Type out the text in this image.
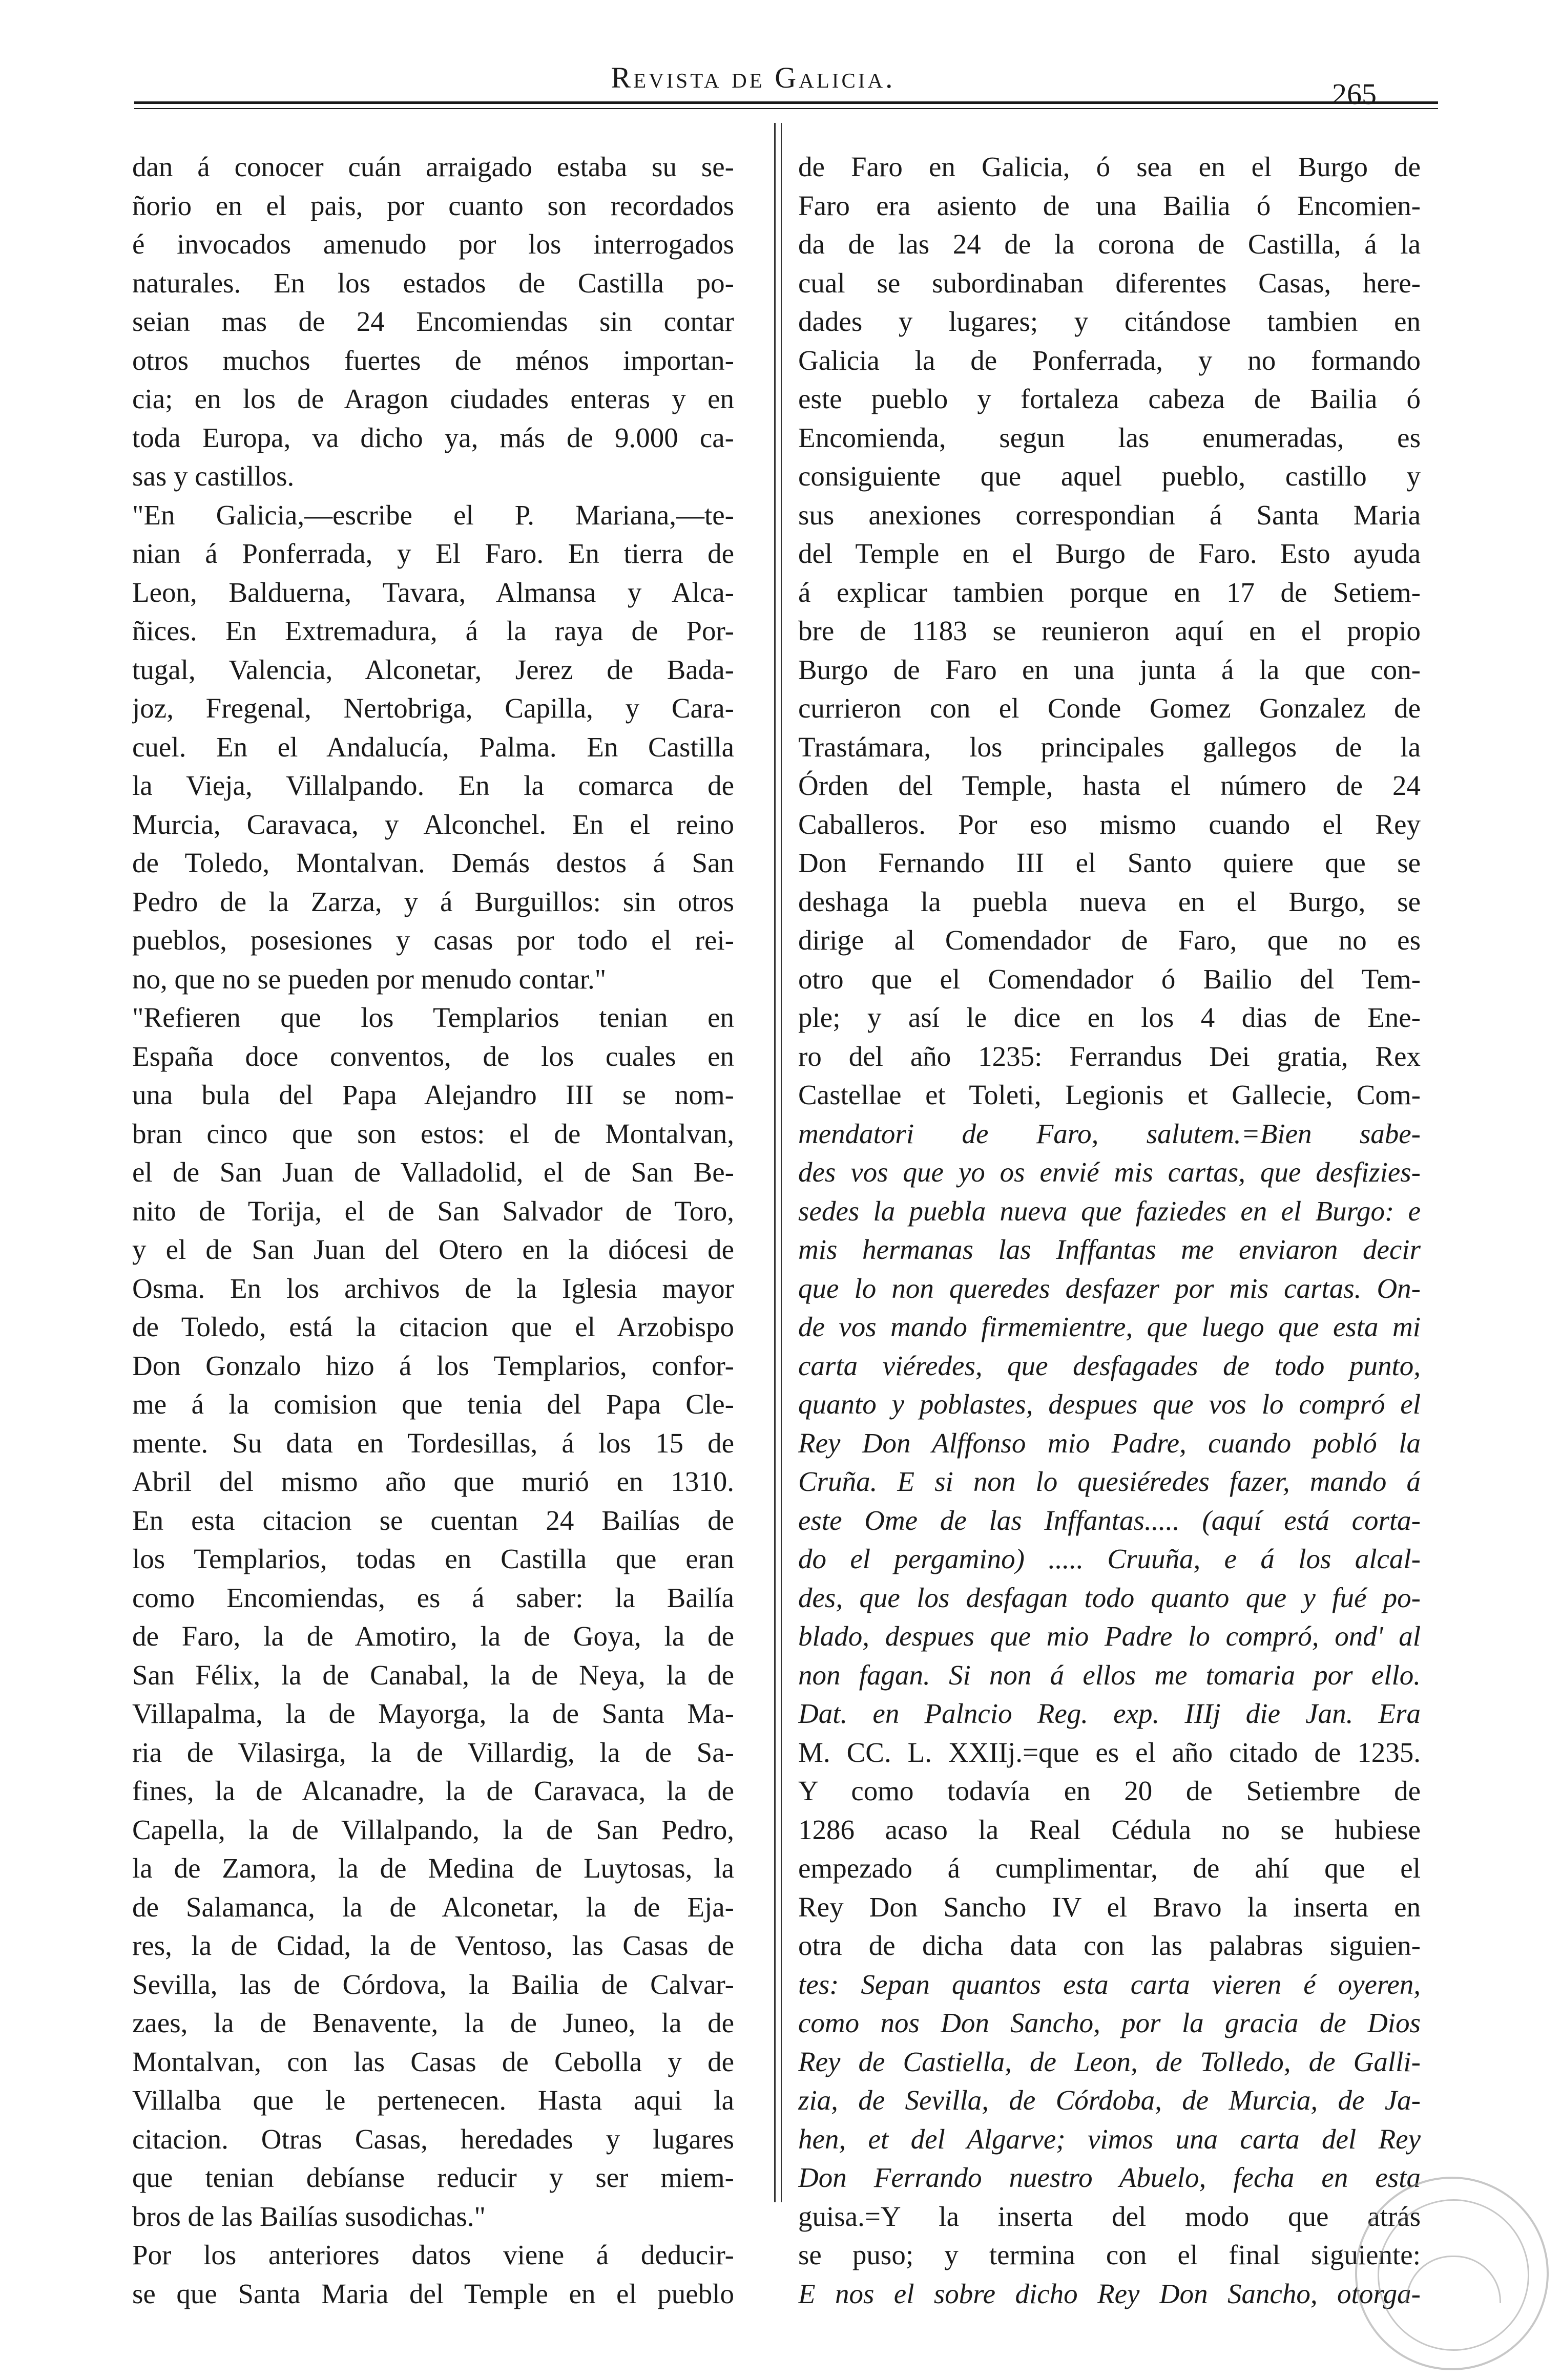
Revista de Galicia.	265
dan á conocer cuán arraigado estaba su se-
ñorio en el pais, por cuanto son recordados
é invocados amenudo por los interrogados
naturales. En los estados de Castilla po-
seian mas de 24 Encomiendas sin contar
otros muchos fuertes de ménos importan-
cia; en los de Aragon ciudades enteras y en
toda Europa, va dicho ya, más de 9.000 ca-
sas y castillos.
"En Galicia,—escribe el P. Mariana,—te-
nian á Ponferrada, y El Faro. En tierra de
Leon, Balduerna, Tavara, Almansa y Alca-
ñices. En Extremadura, á la raya de Por-
tugal, Valencia, Alconetar, Jerez de Bada-
joz, Fregenal, Nertobriga, Capilla, y Cara-
cuel. En el Andalucía, Palma. En Castilla
la Vieja, Villalpando. En la comarca de
Murcia, Caravaca, y Alconchel. En el reino
de Toledo, Montalvan. Demás destos á San
Pedro de la Zarza, y á Burguillos: sin otros
pueblos, posesiones y casas por todo el rei-
no, que no se pueden por menudo contar."
"Refieren que los Templarios tenian en
España doce conventos, de los cuales en
una bula del Papa Alejandro III se nom-
bran cinco que son estos: el de Montalvan,
el de San Juan de Valladolid, el de San Be-
nito de Torija, el de San Salvador de Toro,
y el de San Juan del Otero en la diócesi de
Osma. En los archivos de la Iglesia mayor
de Toledo, está la citacion que el Arzobispo
Don Gonzalo hizo á los Templarios, confor-
me á la comision que tenia del Papa Cle-
mente. Su data en Tordesillas, á los 15 de
Abril del mismo año que murió en 1310.
En esta citacion se cuentan 24 Bailías de
los Templarios, todas en Castilla que eran
como Encomiendas, es á saber: la Bailía
de Faro, la de Amotiro, la de Goya, la de
San Félix, la de Canabal, la de Neya, la de
Villapalma, la de Mayorga, la de Santa Ma-
ria de Vilasirga, la de Villardig, la de Sa-
fines, la de Alcanadre, la de Caravaca, la de
Capella, la de Villalpando, la de San Pedro,
la de Zamora, la de Medina de Luytosas, la
de Salamanca, la de Alconetar, la de Eja-
res, la de Cidad, la de Ventoso, las Casas de
Sevilla, las de Córdova, la Bailia de Calvar-
zaes, la de Benavente, la de Juneo, la de
Montalvan, con las Casas de Cebolla y de
Villalba que le pertenecen. Hasta aqui la
citacion. Otras Casas, heredades y lugares
que tenian debíanse reducir y ser miem-
bros de las Bailías susodichas."
Por los anteriores datos viene á deducir-
se que Santa Maria del Temple en el pueblo
de Faro en Galicia, ó sea en el Burgo de
Faro era asiento de una Bailia ó Encomien-
da de las 24 de la corona de Castilla, á la
cual se subordinaban diferentes Casas, here-
dades y lugares; y citándose tambien en
Galicia la de Ponferrada, y no formando
este pueblo y fortaleza cabeza de Bailia ó
Encomienda, segun las enumeradas, es
consiguiente que aquel pueblo, castillo y
sus anexiones correspondian á Santa Maria
del Temple en el Burgo de Faro. Esto ayuda
á explicar tambien porque en 17 de Setiem-
bre de 1183 se reunieron aquí en el propio
Burgo de Faro en una junta á la que con-
currieron con el Conde Gomez Gonzalez de
Trastámara, los principales gallegos de la
Órden del Temple, hasta el número de 24
Caballeros. Por eso mismo cuando el Rey
Don Fernando III el Santo quiere que se
deshaga la puebla nueva en el Burgo, se
dirige al Comendador de Faro, que no es
otro que el Comendador ó Bailio del Tem-
ple; y así le dice en los 4 dias de Ene-
ro del año 1235: Ferrandus Dei gratia, Rex
Castellae et Toleti, Legionis et Gallecie, Com-
mendatori de Faro, salutem.=Bien sabe-
des vos que yo os envié mis cartas, que desfizies-
sedes la puebla nueva que faziedes en el Burgo: e
mis hermanas las Inffantas me enviaron decir
que lo non queredes desfazer por mis cartas. On-
de vos mando firmemientre, que luego que esta mi
carta viéredes, que desfagades de todo punto,
quanto y poblastes, despues que vos lo compró el
Rey Don Alffonso mio Padre, cuando pobló la
Cruña. E si non lo quesiéredes fazer, mando á
este Ome de las Inffantas..... (aquí está corta-
do el pergamino) ..... Cruuña, e á los alcal-
des, que los desfagan todo quanto que y fué po-
blado, despues que mio Padre lo compró, ond' al
non fagan. Si non á ellos me tomaria por ello.
Dat. en Palncio Reg. exp. IIIj die Jan. Era
M. CC. L. XXIIj.=que es el año citado de 1235.
Y como todavía en 20 de Setiembre de
1286 acaso la Real Cédula no se hubiese
empezado á cumplimentar, de ahí que el
Rey Don Sancho IV el Bravo la inserta en
otra de dicha data con las palabras siguien-
tes: Sepan quantos esta carta vieren é oyeren,
como nos Don Sancho, por la gracia de Dios
Rey de Castiella, de Leon, de Tolledo, de Galli-
zia, de Sevilla, de Córdoba, de Murcia, de Ja-
hen, et del Algarve; vimos una carta del Rey
Don Ferrando nuestro Abuelo, fecha en esta
guisa.=Y la inserta del modo que atrás
se puso; y termina con el final siguiente:
E nos el sobre dicho Rey Don Sancho, otorga-
